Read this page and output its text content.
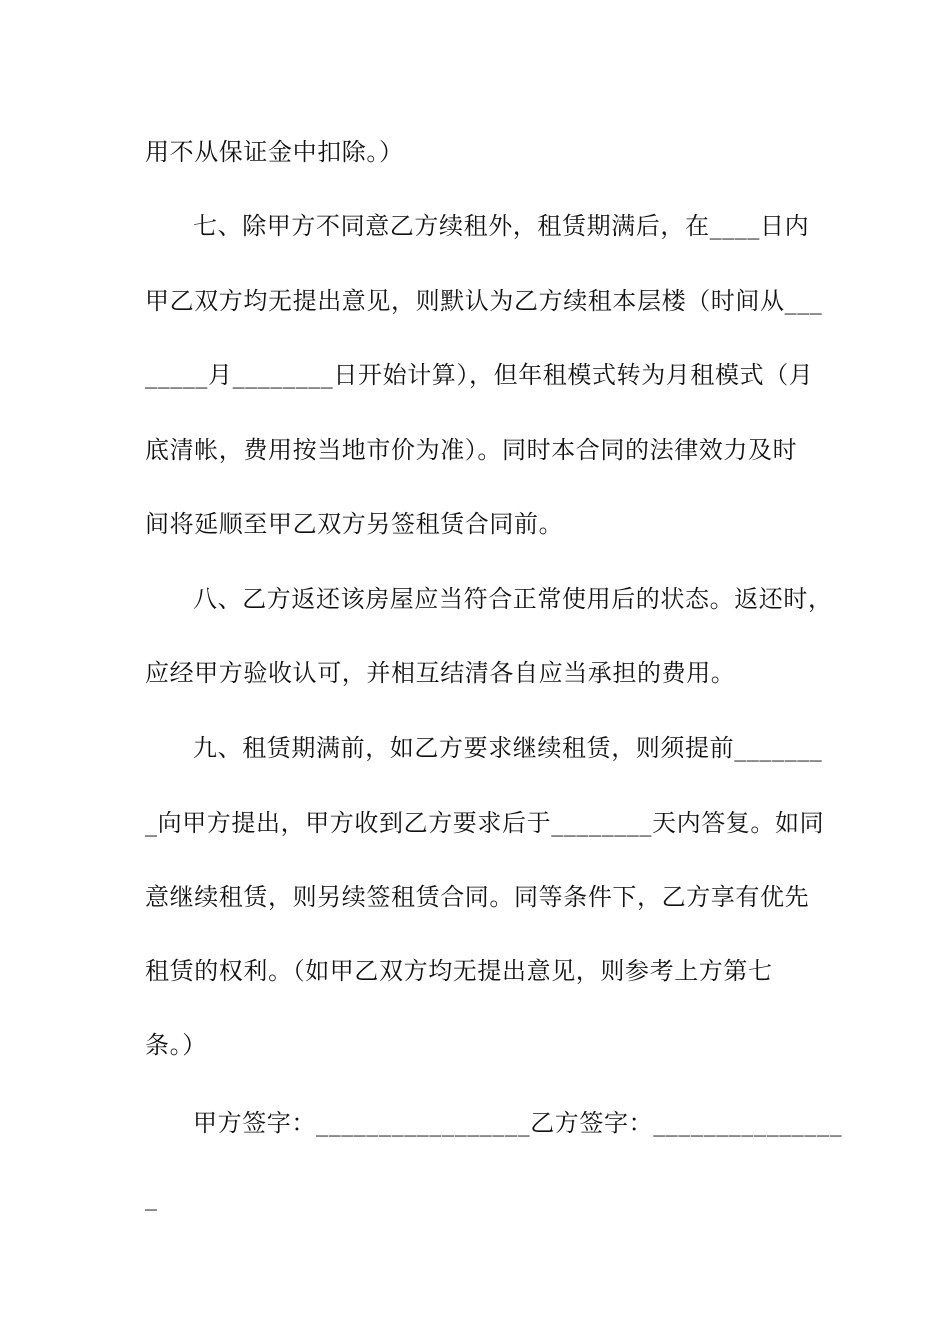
用不从保证金中扣除。）
七、除甲方不同意乙方续租外，租赁期满后，在____日内
甲乙双方均无提出意见，则默认为乙方续租本层楼（时间从___
_____月________日开始计算），但年租模式转为月租模式（月
底清帐，费用按当地市价为准）。同时本合同的法律效力及时
间将延顺至甲乙双方另签租赁合同前。
八、乙方返还该房屋应当符合正常使用后的状态。返还时，
应经甲方验收认可，并相互结清各自应当承担的费用。
九、租赁期满前，如乙方要求继续租赁，则须提前_______
_向甲方提出，甲方收到乙方要求后于________天内答复。如同
意继续租赁，则另续签租赁合同。同等条件下，乙方享有优先
租赁的权利。（如甲乙双方均无提出意见，则参考上方第七
条。）
甲方签字：_________________乙方签字：_______________
_
